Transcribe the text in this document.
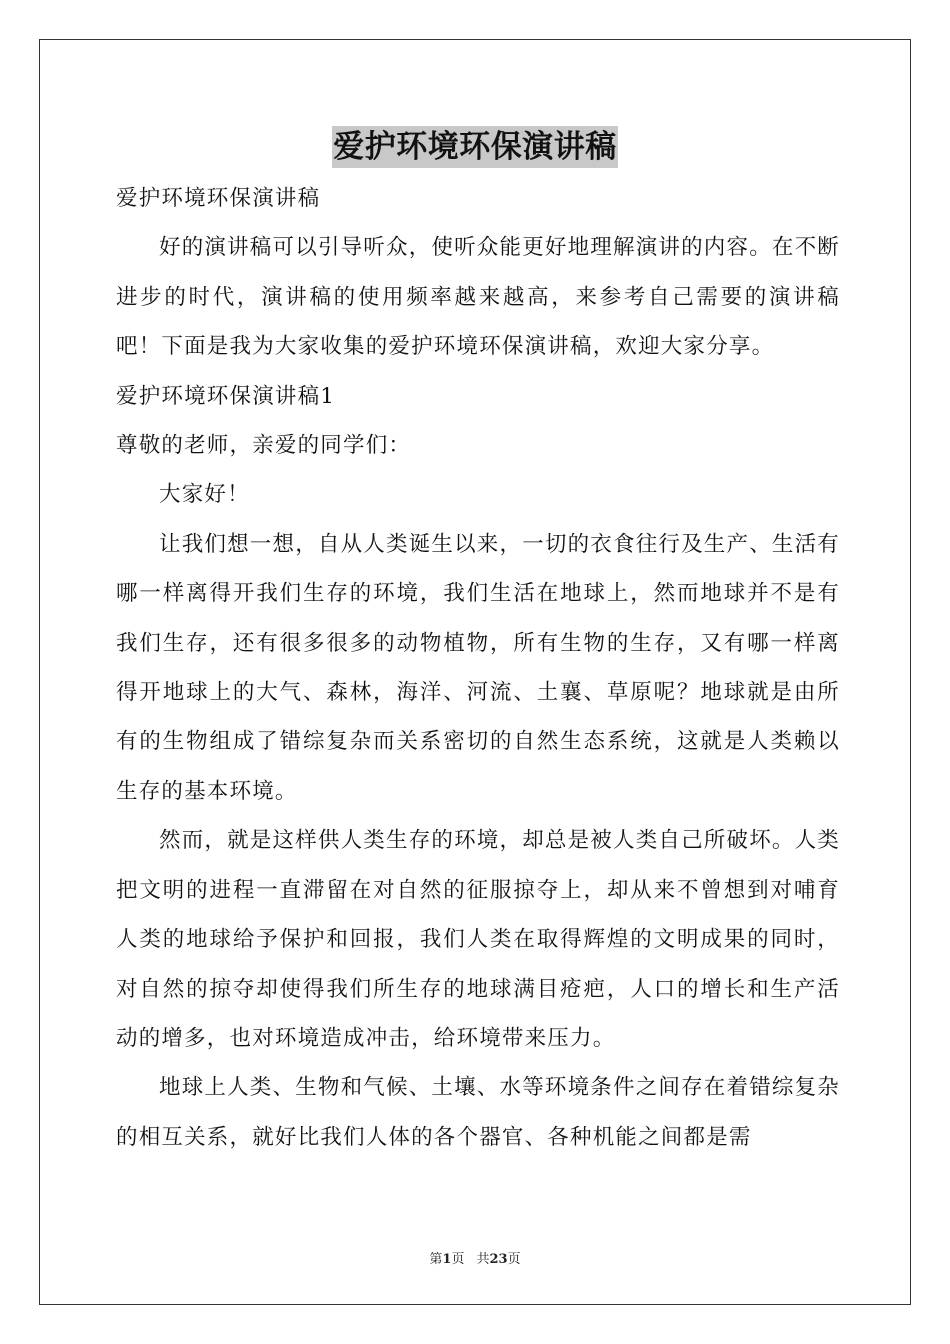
爱护环境环保演讲稿

爱护环境环保演讲稿

好的演讲稿可以引导听众，使听众能更好地理解演讲的内容。在不断进步的时代，演讲稿的使用频率越来越高，来参考自己需要的演讲稿吧！下面是我为大家收集的爱护环境环保演讲稿，欢迎大家分享。

爱护环境环保演讲稿1

尊敬的老师，亲爱的同学们：

大家好！

让我们想一想，自从人类诞生以来，一切的衣食往行及生产、生活有哪一样离得开我们生存的环境，我们生活在地球上，然而地球并不是有我们生存，还有很多很多的动物植物，所有生物的生存，又有哪一样离得开地球上的大气、森林，海洋、河流、土襄、草原呢？地球就是由所有的生物组成了错综复杂而关系密切的自然生态系统，这就是人类赖以生存的基本环境。

然而，就是这样供人类生存的环境，却总是被人类自己所破坏。人类把文明的进程一直滞留在对自然的征服掠夺上，却从来不曾想到对哺育人类的地球给予保护和回报，我们人类在取得辉煌的文明成果的同时，对自然的掠夺却使得我们所生存的地球满目疮疤，人口的增长和生产活动的增多，也对环境造成冲击，给环境带来压力。

地球上人类、生物和气候、土壤、水等环境条件之间存在着错综复杂的相互关系，就好比我们人体的各个器官、各种机能之间都是需

第1页 共23页
